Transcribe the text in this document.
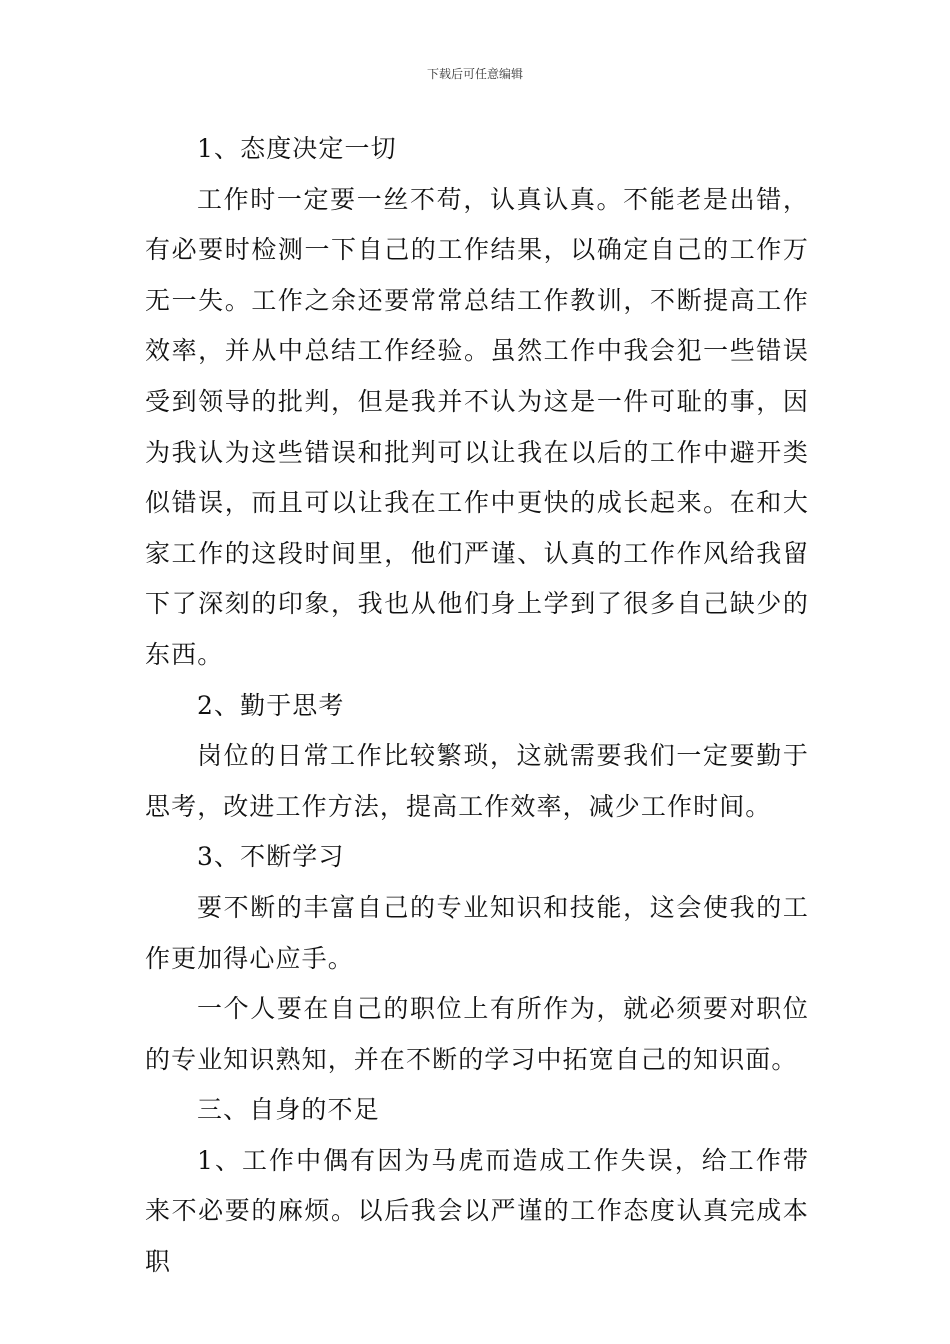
下载后可任意编辑

1、态度决定一切

工作时一定要一丝不苟，认真认真。不能老是出错，有必要时检测一下自己的工作结果，以确定自己的工作万无一失。工作之余还要常常总结工作教训，不断提高工作效率，并从中总结工作经验。虽然工作中我会犯一些错误受到领导的批判，但是我并不认为这是一件可耻的事，因为我认为这些错误和批判可以让我在以后的工作中避开类似错误，而且可以让我在工作中更快的成长起来。在和大家工作的这段时间里，他们严谨、认真的工作作风给我留下了深刻的印象，我也从他们身上学到了很多自己缺少的东西。

2、勤于思考

岗位的日常工作比较繁琐，这就需要我们一定要勤于思考，改进工作方法，提高工作效率，减少工作时间。

3、不断学习

要不断的丰富自己的专业知识和技能，这会使我的工作更加得心应手。

一个人要在自己的职位上有所作为，就必须要对职位的专业知识熟知，并在不断的学习中拓宽自己的知识面。

三、自身的不足

1、工作中偶有因为马虎而造成工作失误，给工作带来不必要的麻烦。以后我会以严谨的工作态度认真完成本职
